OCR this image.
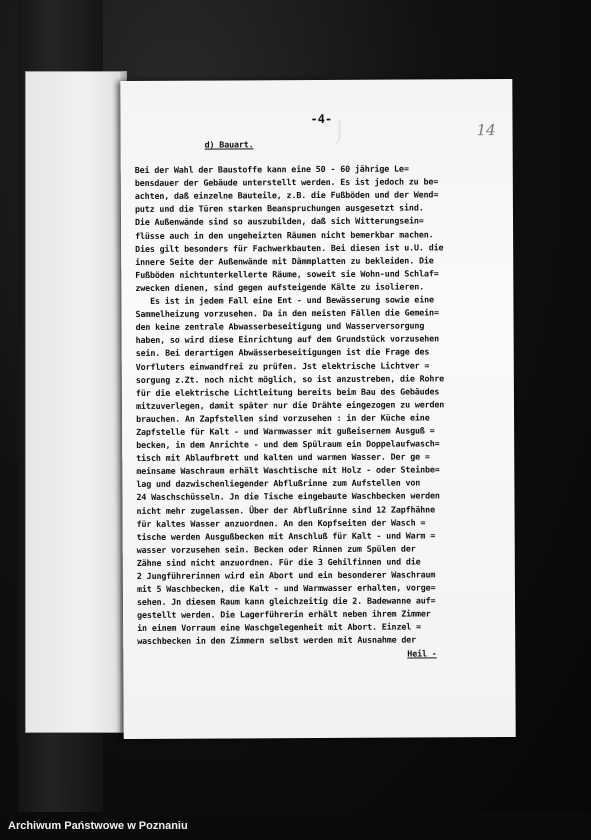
-4-
14
d) Bauart.

Bei der Wahl der Baustoffe kann eine 50 - 60 jährige Le=

bensdauer der Gebäude unterstellt werden. Es ist jedoch zu be=

achten, daß einzelne Bauteile, z.B. die Fußböden und der Wend=

putz und die Türen starken Beanspruchungen ausgesetzt sind.

Die Außenwände sind so auszubilden, daß sich Witterungsein=

flüsse auch in den ungeheizten Räumen nicht bemerkbar machen.

Dies gilt besonders für Fachwerkbauten. Bei diesen ist u.U. die

innere Seite der Außenwände mit Dämmplatten zu bekleiden. Die

Fußböden nichtunterkellerte Räume, soweit sie Wohn-und Schlaf=

zwecken dienen, sind gegen aufsteigende Kälte zu isolieren.

Es ist in jedem Fall eine Ent - und Bewässerung sowie eine

Sammelheizung vorzusehen. Da in den meisten Fällen die Gemein=

den keine zentrale Abwasserbeseitigung und Wasserversorgung

haben, so wird diese Einrichtung auf dem Grundstück vorzusehen

sein. Bei derartigen Abwässerbeseitigungen ist die Frage des

Vorfluters einwandfrei zu prüfen. Jst elektrische Lichtver =

sorgung z.Zt. noch nicht möglich, so ist anzustreben, die Rohre

für die elektrische Lichtleitung bereits beim Bau des Gebäudes

mitzuverlegen, damit später nur die Drähte eingezogen zu werden

brauchen. An Zapfstellen sind vorzusehen : in der Küche eine

Zapfstelle für Kalt - und Warmwasser mit gußeisernem Ausguß =

becken, in dem Anrichte - und dem Spülraum ein Doppelaufwasch=

tisch mit Ablaufbrett und kalten und warmen Wasser. Der ge =

meinsame Waschraum erhält Waschtische mit Holz - oder Steinbe=

lag und dazwischenliegender Abflußrinne zum Aufstellen von

24 Waschschüsseln. Jn die Tische eingebaute Waschbecken werden

nicht mehr zugelassen. Über der Abflußrinne sind 12 Zapfhähne

für kaltes Wasser anzuordnen. An den Kopfseiten der Wasch =

tische werden Ausgußbecken mit Anschluß für Kalt - und Warm =

wasser vorzusehen sein. Becken oder Rinnen zum Spülen der

Zähne sind nicht anzuordnen. Für die 3 Gehilfinnen und die

2 Jungführerinnen wird ein Abort und ein besonderer Waschraum

mit 5 Waschbecken, die Kalt - und Warmwasser erhalten, vorge=

sehen. Jn diesem Raum kann gleichzeitig die 2. Badewanne auf=

gestellt werden. Die Lagerführerin erhält neben ihrem Zimmer

in einem Vorraum eine Waschgelegenheit mit Abort. Einzel =

waschbecken in den Zimmern selbst werden mit Ausnahme der

Heil -

Archiwum Państwowe w Poznaniu
